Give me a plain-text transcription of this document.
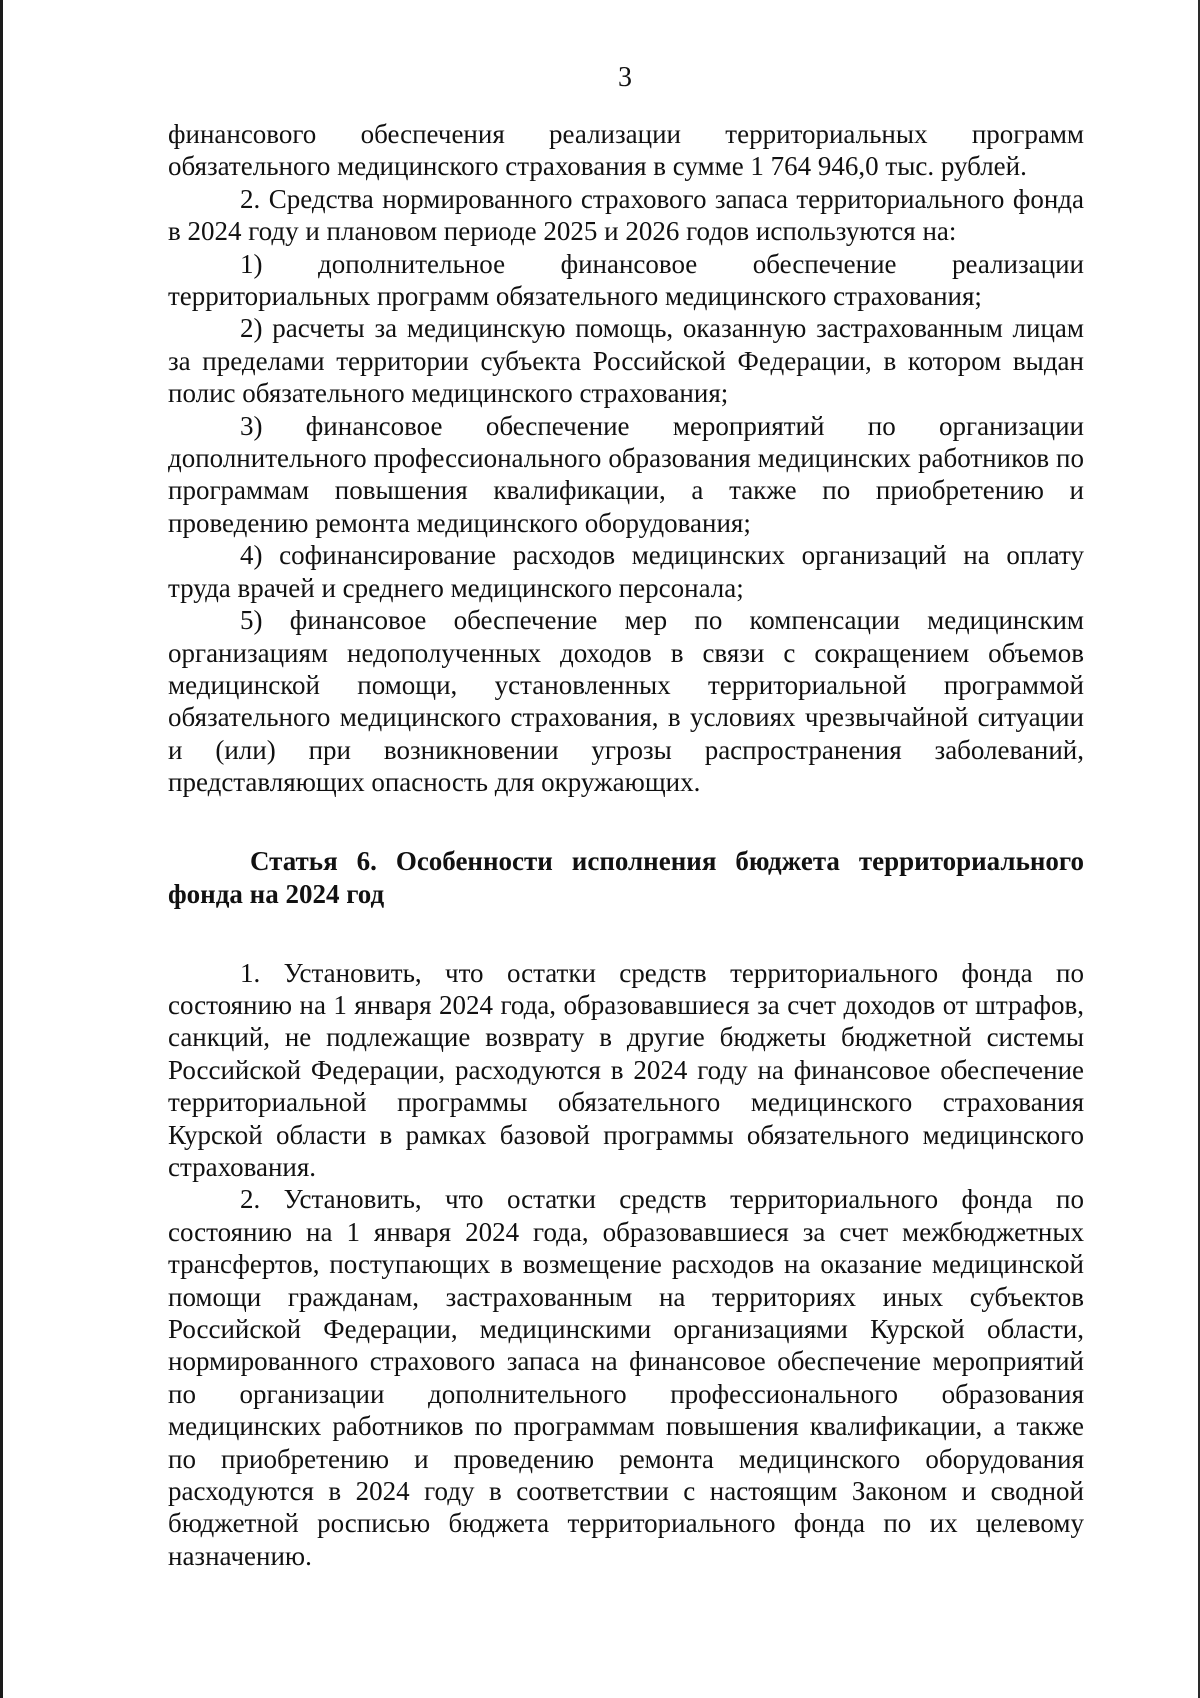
3

финансового обеспечения реализации территориальных программ обязательного медицинского страхования в сумме 1 764 946,0 тыс. рублей.

2. Средства нормированного страхового запаса территориального фонда в 2024 году и плановом периоде 2025 и 2026 годов используются на:

1) дополнительное финансовое обеспечение реализации территориальных программ обязательного медицинского страхования;

2) расчеты за медицинскую помощь, оказанную застрахованным лицам за пределами территории субъекта Российской Федерации, в котором выдан полис обязательного медицинского страхования;

3) финансовое обеспечение мероприятий по организации дополнительного профессионального образования медицинских работников по программам повышения квалификации, а также по приобретению и проведению ремонта медицинского оборудования;

4) софинансирование расходов медицинских организаций на оплату труда врачей и среднего медицинского персонала;

5) финансовое обеспечение мер по компенсации медицинским организациям недополученных доходов в связи с сокращением объемов медицинской помощи, установленных территориальной программой обязательного медицинского страхования, в условиях чрезвычайной ситуации и (или) при возникновении угрозы распространения заболеваний, представляющих опасность для окружающих.

Статья 6. Особенности исполнения бюджета территориального фонда на 2024 год

1. Установить, что остатки средств территориального фонда по состоянию на 1 января 2024 года, образовавшиеся за счет доходов от штрафов, санкций, не подлежащие возврату в другие бюджеты бюджетной системы Российской Федерации, расходуются в 2024 году на финансовое обеспечение территориальной программы обязательного медицинского страхования Курской области в рамках базовой программы обязательного медицинского страхования.

2. Установить, что остатки средств территориального фонда по состоянию на 1 января 2024 года, образовавшиеся за счет межбюджетных трансфертов, поступающих в возмещение расходов на оказание медицинской помощи гражданам, застрахованным на территориях иных субъектов Российской Федерации, медицинскими организациями Курской области, нормированного страхового запаса на финансовое обеспечение мероприятий по организации дополнительного профессионального образования медицинских работников по программам повышения квалификации, а также по приобретению и проведению ремонта медицинского оборудования расходуются в 2024 году в соответствии с настоящим Законом и сводной бюджетной росписью бюджета территориального фонда по их целевому назначению.
